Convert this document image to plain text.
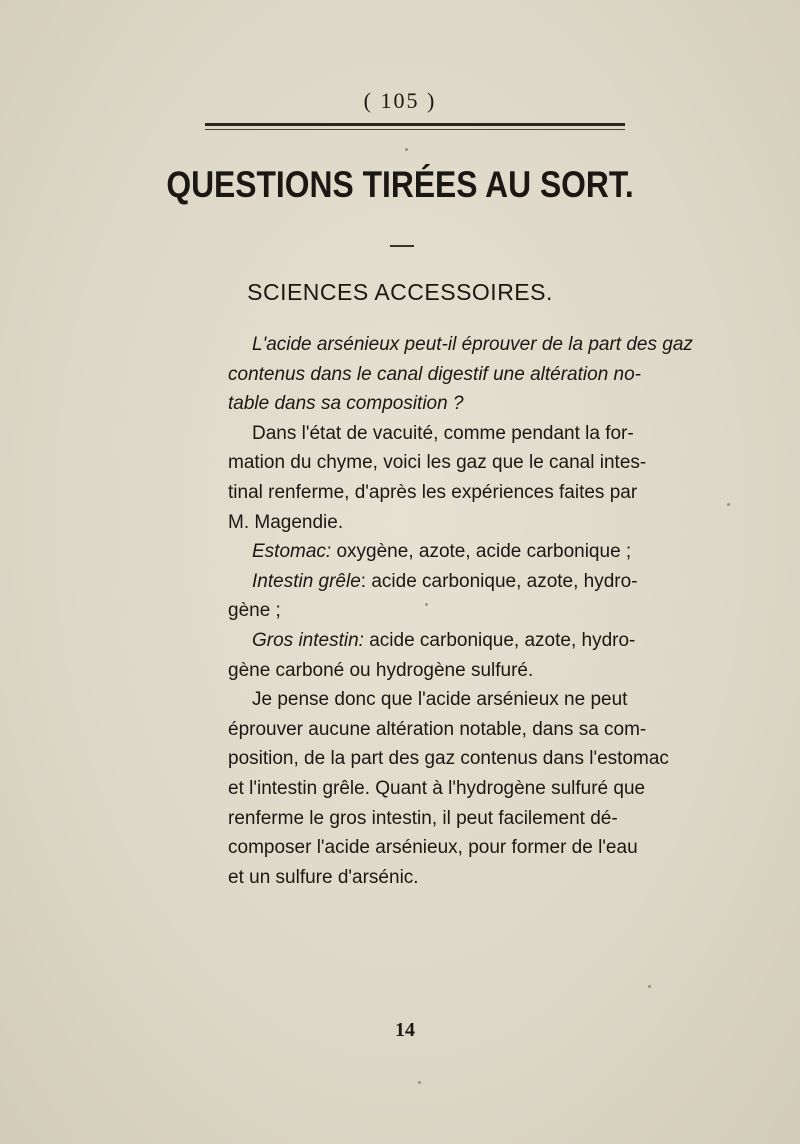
( 105 )
QUESTIONS TIRÉES AU SORT.
SCIENCES ACCESSOIRES.
L'acide arsénieux peut-il éprouver de la part des gaz
contenus dans le canal digestif une altération no-
table dans sa composition ?
Dans l'état de vacuité, comme pendant la for-
mation du chyme, voici les gaz que le canal intes-
tinal renferme, d'après les expériences faites par
M. Magendie.
Estomac: oxygène, azote, acide carbonique ;
Intestin grêle: acide carbonique, azote, hydro-
gène ;
Gros intestin: acide carbonique, azote, hydro-
gène carboné ou hydrogène sulfuré.
Je pense donc que l'acide arsénieux ne peut
éprouver aucune altération notable, dans sa com-
position, de la part des gaz contenus dans l'estomac
et l'intestin grêle. Quant à l'hydrogène sulfuré que
renferme le gros intestin, il peut facilement dé-
composer l'acide arsénieux, pour former de l'eau
et un sulfure d'arsénic.
14
